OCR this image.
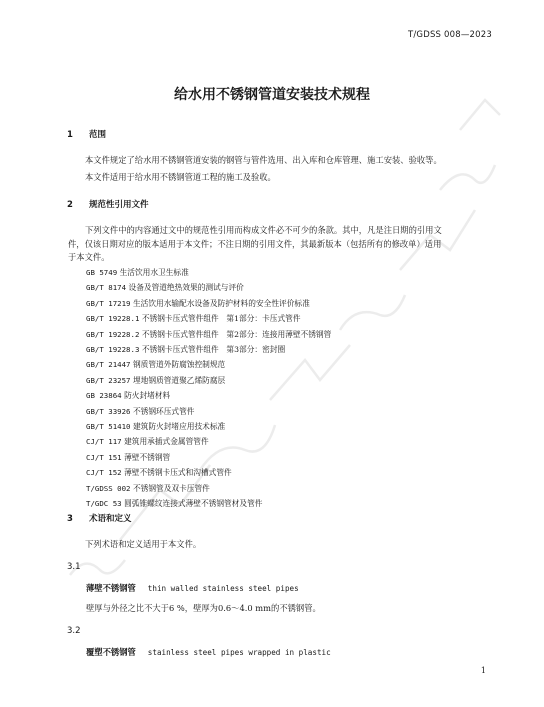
T/GDSS 008—2023
给水用不锈钢管道安装技术规程
1 范围
本文件规定了给水用不锈钢管道安装的钢管与管件选用、出入库和仓库管理、施工安装、验收等。
本文件适用于给水用不锈钢管道工程的施工及验收。
2 规范性引用文件
下列文件中的内容通过文中的规范性引用而构成文件必不可少的条款。其中，凡是注日期的引用文
件，仅该日期对应的版本适用于本文件；不注日期的引用文件，其最新版本（包括所有的修改单）适用
于本文件。
GB 5749 生活饮用水卫生标准
GB/T 8174 设备及管道绝热效果的测试与评价
GB/T 17219 生活饮用水输配水设备及防护材料的安全性评价标准
GB/T 19228.1 不锈钢卡压式管件组件　第1部分：卡压式管件
GB/T 19228.2 不锈钢卡压式管件组件　第2部分：连接用薄壁不锈钢管
GB/T 19228.3 不锈钢卡压式管件组件　第3部分：密封圈
GB/T 21447 钢质管道外防腐蚀控制规范
GB/T 23257 埋地钢质管道聚乙烯防腐层
GB 23864 防火封堵材料
GB/T 33926 不锈钢环压式管件
GB/T 51410 建筑防火封堵应用技术标准
CJ/T 117 建筑用承插式金属管管件
CJ/T 151 薄壁不锈钢管
CJ/T 152 薄壁不锈钢卡压式和沟槽式管件
T/GDSS 002 不锈钢管及双卡压管件
T/GDC 53 圆弧锥螺纹连接式薄壁不锈钢管材及管件
3 术语和定义
下列术语和定义适用于本文件。
3.1
薄壁不锈钢管 thin walled stainless steel pipes
壁厚与外径之比不大于6 %，壁厚为0.6～4.0 mm的不锈钢管。
3.2
覆塑不锈钢管 stainless steel pipes wrapped in plastic
1
